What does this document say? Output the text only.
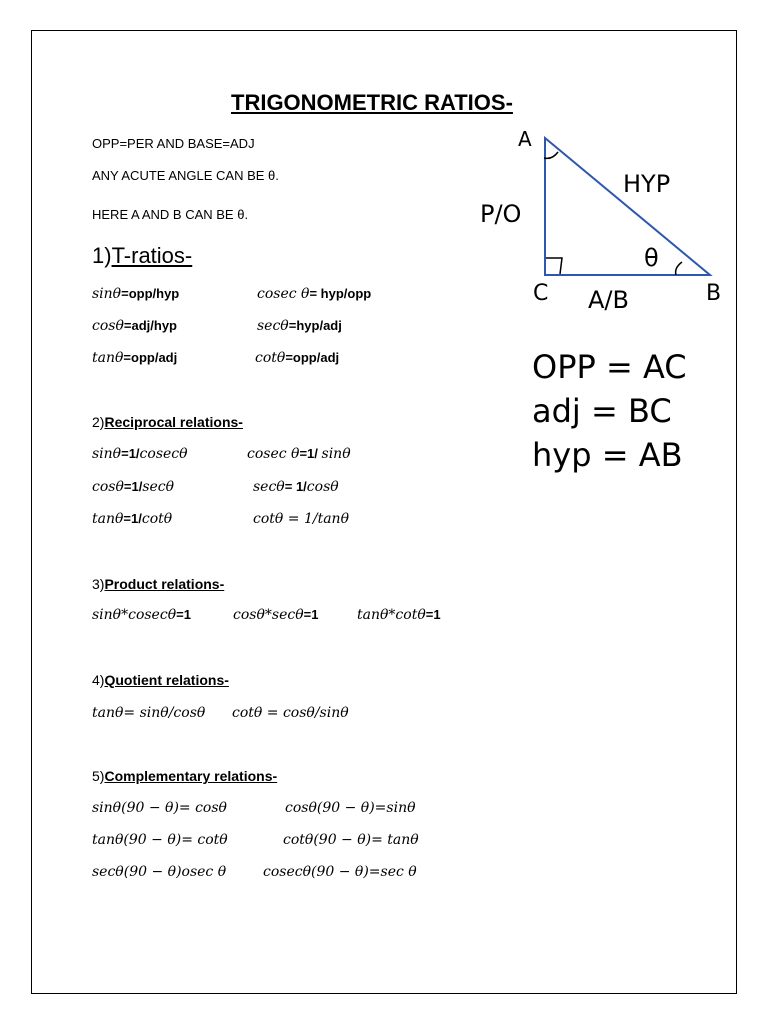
TRIGONOMETRIC RATIOS-
OPP=PER AND BASE=ADJ
ANY ACUTE ANGLE CAN BE θ.
HERE A AND B CAN BE θ.
1)T-ratios-
sinθ=opp/hyp	cosec θ= hyp/opp
cosθ=adj/hyp	secθ=hyp/adj
tanθ=opp/adj	cotθ=opp/adj
2)Reciprocal relations-
sinθ=1/cosecθ	cosec θ=1/ sinθ
cosθ=1/secθ	secθ= 1/cosθ
tanθ=1/cotθ	cotθ = 1/tanθ
3)Product relations-
sinθ*cosecθ=1	cosθ*secθ=1	tanθ*cotθ=1
4)Quotient relations-
tanθ= sinθ/cosθ      cotθ = cosθ/sinθ
5)Complementary relations-
sinθ(90 − θ)= cosθ	cosθ(90 − θ)=sinθ
tanθ(90 − θ)= cotθ	cotθ(90 − θ)= tanθ
secθ(90 − θ)osec θ	cosecθ(90 − θ)=sec θ
A
C	B
P/O
HYP
A/B
θ
OPP = AC
adj = BC
hyp = AB
